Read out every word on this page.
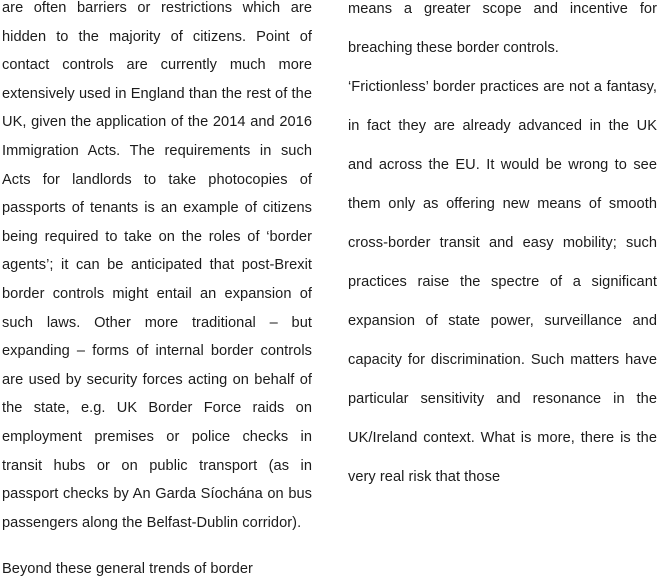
are often barriers or restrictions which are hidden to the majority of citizens. Point of contact controls are currently much more extensively used in England than the rest of the UK, given the application of the 2014 and 2016 Immigration Acts. The requirements in such Acts for landlords to take photocopies of passports of tenants is an example of citizens being required to take on the roles of ‘border agents’; it can be anticipated that post-Brexit border controls might entail an expansion of such laws. Other more traditional – but expanding – forms of internal border controls are used by security forces acting on behalf of the state, e.g. UK Border Force raids on employment premises or police checks in transit hubs or on public transport (as in passport checks by An Garda Síochána on bus passengers along the Belfast-Dublin corridor).

Beyond these general trends of border

means a greater scope and incentive for breaching these border controls.

‘Frictionless’ border practices are not a fantasy, in fact they are already advanced in the UK and across the EU. It would be wrong to see them only as offering new means of smooth cross-border transit and easy mobility; such practices raise the spectre of a significant expansion of state power, surveillance and capacity for discrimination. Such matters have particular sensitivity and resonance in the UK/Ireland context. What is more, there is the very real risk that those
